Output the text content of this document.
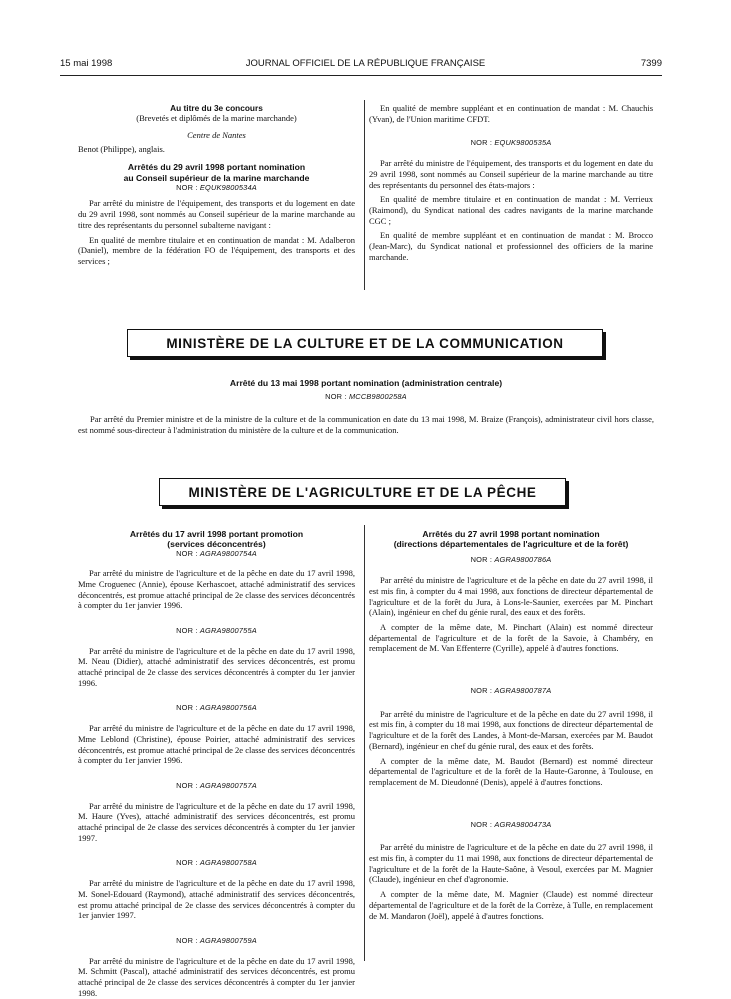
15 mai 1998	JOURNAL OFFICIEL DE LA RÉPUBLIQUE FRANÇAISE	7399
Au titre du 3e concours

(Brevetés et diplômés de la marine marchande)

Centre de Nantes

Benot (Philippe), anglais.

Arrêtés du 29 avril 1998 portant nomination
au Conseil supérieur de la marine marchande
NOR : EQUK9800534A

Par arrêté du ministre de l'équipement, des transports et du logement en date du 29 avril 1998, sont nommés au Conseil supérieur de la marine marchande au titre des représentants du personnel subalterne navigant :

En qualité de membre titulaire et en continuation de mandat : M. Adalberon (Daniel), membre de la fédération FO de l'équipement, des transports et des services ;

En qualité de membre suppléant et en continuation de mandat : M. Chauchis (Yvan), de l'Union maritime CFDT.

NOR : EQUK9800535A

Par arrêté du ministre de l'équipement, des transports et du logement en date du 29 avril 1998, sont nommés au Conseil supérieur de la marine marchande au titre des représentants du personnel des états-majors :

En qualité de membre titulaire et en continuation de mandat : M. Verrieux (Raimond), du Syndicat national des cadres navigants de la marine marchande CGC ;

En qualité de membre suppléant et en continuation de mandat : M. Brocco (Jean-Marc), du Syndicat national et professionnel des officiers de la marine marchande.

MINISTÈRE DE LA CULTURE ET DE LA COMMUNICATION
Arrêté du 13 mai 1998 portant nomination (administration centrale)
NOR : MCCB9800258A

Par arrêté du Premier ministre et de la ministre de la culture et de la communication en date du 13 mai 1998, M. Braize (François), administrateur civil hors classe, est nommé sous-directeur à l'administration du ministère de la culture et de la communication.

MINISTÈRE DE L'AGRICULTURE ET DE LA PÊCHE
Arrêtés du 17 avril 1998 portant promotion
(services déconcentrés)
NOR : AGRA9800754A

Par arrêté du ministre de l'agriculture et de la pêche en date du 17 avril 1998, Mme Croguenec (Annie), épouse Kerhascoet, attaché administratif des services déconcentrés, est promue attaché principal de 2e classe des services déconcentrés à compter du 1er janvier 1996.

NOR : AGRA9800755A

Par arrêté du ministre de l'agriculture et de la pêche en date du 17 avril 1998, M. Neau (Didier), attaché administratif des services déconcentrés, est promu attaché principal de 2e classe des services déconcentrés à compter du 1er janvier 1996.

NOR : AGRA9800756A

Par arrêté du ministre de l'agriculture et de la pêche en date du 17 avril 1998, Mme Leblond (Christine), épouse Poirier, attaché administratif des services déconcentrés, est promue attaché principal de 2e classe des services déconcentrés à compter du 1er janvier 1996.

NOR : AGRA9800757A

Par arrêté du ministre de l'agriculture et de la pêche en date du 17 avril 1998, M. Haure (Yves), attaché administratif des services déconcentrés, est promu attaché principal de 2e classe des services déconcentrés à compter du 1er janvier 1997.

NOR : AGRA9800758A

Par arrêté du ministre de l'agriculture et de la pêche en date du 17 avril 1998, M. Sonel-Edouard (Raymond), attaché administratif des services déconcentrés, est promu attaché principal de 2e classe des services déconcentrés à compter du 1er janvier 1997.

NOR : AGRA9800759A

Par arrêté du ministre de l'agriculture et de la pêche en date du 17 avril 1998, M. Schmitt (Pascal), attaché administratif des services déconcentrés, est promu attaché principal de 2e classe des services déconcentrés à compter du 1er janvier 1998.

Arrêtés du 27 avril 1998 portant nomination
(directions départementales de l'agriculture et de la forêt)
NOR : AGRA9800786A

Par arrêté du ministre de l'agriculture et de la pêche en date du 27 avril 1998, il est mis fin, à compter du 4 mai 1998, aux fonctions de directeur départemental de l'agriculture et de la forêt du Jura, à Lons-le-Saunier, exercées par M. Pinchart (Alain), ingénieur en chef du génie rural, des eaux et des forêts.

A compter de la même date, M. Pinchart (Alain) est nommé directeur départemental de l'agriculture et de la forêt de la Savoie, à Chambéry, en remplacement de M. Van Effenterre (Cyrille), appelé à d'autres fonctions.

NOR : AGRA9800787A

Par arrêté du ministre de l'agriculture et de la pêche en date du 27 avril 1998, il est mis fin, à compter du 18 mai 1998, aux fonctions de directeur départemental de l'agriculture et de la forêt des Landes, à Mont-de-Marsan, exercées par M. Baudot (Bernard), ingénieur en chef du génie rural, des eaux et des forêts.

A compter de la même date, M. Baudot (Bernard) est nommé directeur départemental de l'agriculture et de la forêt de la Haute-Garonne, à Toulouse, en remplacement de M. Dieudonné (Denis), appelé à d'autres fonctions.

NOR : AGRA9800473A

Par arrêté du ministre de l'agriculture et de la pêche en date du 27 avril 1998, il est mis fin, à compter du 11 mai 1998, aux fonctions de directeur départemental de l'agriculture et de la forêt de la Haute-Saône, à Vesoul, exercées par M. Magnier (Claude), ingénieur en chef d'agronomie.

A compter de la même date, M. Magnier (Claude) est nommé directeur départemental de l'agriculture et de la forêt de la Corrèze, à Tulle, en remplacement de M. Mandaron (Joël), appelé à d'autres fonctions.
